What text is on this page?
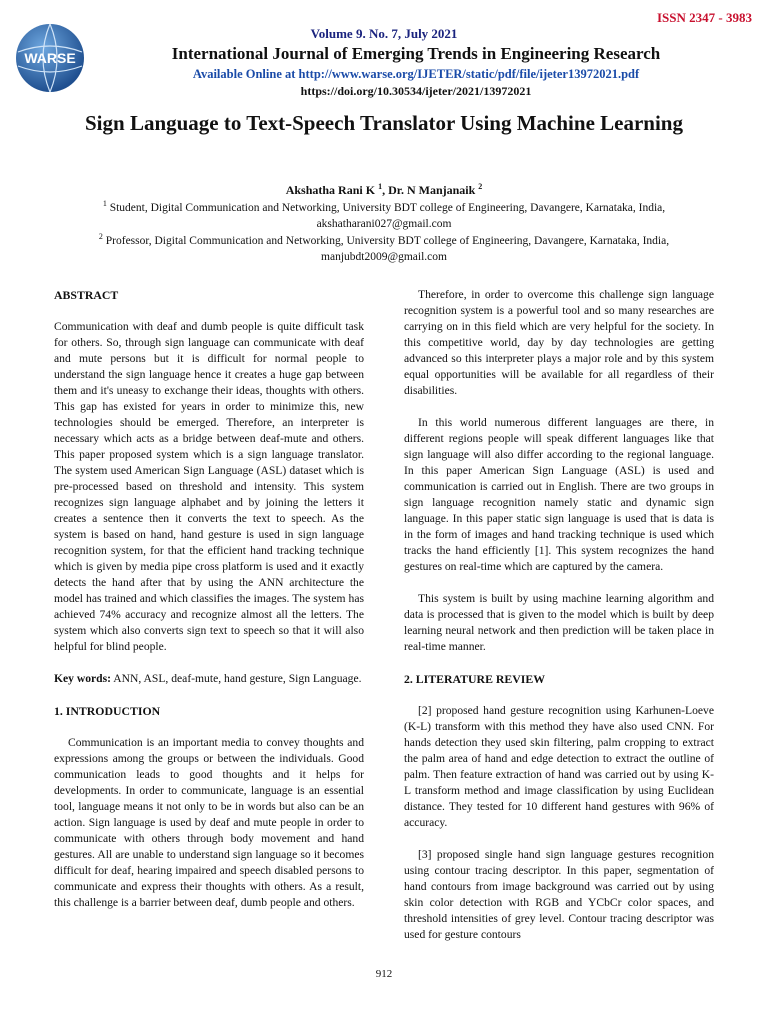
WARSE
ISSN 2347 - 3983
Volume 9. No. 7, July 2021
International Journal of Emerging Trends in Engineering Research
Available Online at http://www.warse.org/IJETER/static/pdf/file/ijeter13972021.pdf
https://doi.org/10.30534/ijeter/2021/13972021
Sign Language to Text-Speech Translator Using Machine Learning
Akshatha Rani K $^1$, Dr. N Manjanaik $^2$
$^1$ Student, Digital Communication and Networking, University BDT college of Engineering, Davangere, Karnataka, India, akshatharani027@gmail.com
$^2$ Professor, Digital Communication and Networking, University BDT college of Engineering, Davangere, Karnataka, India, manjubdt2009@gmail.com
ABSTRACT

Communication with deaf and dumb people is quite difficult task for others. So, through sign language can communicate with deaf and mute persons but it is difficult for normal people to understand the sign language hence it creates a huge gap between them and it's uneasy to exchange their ideas, thoughts with others. This gap has existed for years in order to minimize this, new technologies should be emerged. Therefore, an interpreter is necessary which acts as a bridge between deaf-mute and others. This paper proposed system which is a sign language translator. The system used American Sign Language (ASL) dataset which is pre-processed based on threshold and intensity. This system recognizes sign language alphabet and by joining the letters it creates a sentence then it converts the text to speech. As the system is based on hand, hand gesture is used in sign language recognition system, for that the efficient hand tracking technique which is given by media pipe cross platform is used and it exactly detects the hand after that by using the ANN architecture the model has trained and which classifies the images. The system has achieved 74% accuracy and recognize almost all the letters. The system which also converts sign text to speech so that it will also helpful for blind people.

Key words: ANN, ASL, deaf-mute, hand gesture, Sign Language.

1. INTRODUCTION

Communication is an important media to convey thoughts and expressions among the groups or between the individuals. Good communication leads to good thoughts and it helps for developments. In order to communicate, language is an essential tool, language means it not only to be in words but also can be an action. Sign language is used by deaf and mute people in order to communicate with others through body movement and hand gestures. All are unable to understand sign language so it becomes difficult for deaf, hearing impaired and speech disabled persons to communicate and express their thoughts with others. As a result, this challenge is a barrier between deaf, dumb people and others.

Therefore, in order to overcome this challenge sign language recognition system is a powerful tool and so many researches are carrying on in this field which are very helpful for the society. In this competitive world, day by day technologies are getting advanced so this interpreter plays a major role and by this system equal opportunities will be available for all regardless of their disabilities.

In this world numerous different languages are there, in different regions people will speak different languages like that sign language will also differ according to the regional language. In this paper American Sign Language (ASL) is used and communication is carried out in English. There are two groups in sign language recognition namely static and dynamic sign language. In this paper static sign language is used that is data is in the form of images and hand tracking technique is used which tracks the hand efficiently [1]. This system recognizes the hand gestures on real-time which are captured by the camera.

This system is built by using machine learning algorithm and data is processed that is given to the model which is built by deep learning neural network and then prediction will be taken place in real-time manner.

2. LITERATURE REVIEW

[2] proposed hand gesture recognition using Karhunen-Loeve (K-L) transform with this method they have also used CNN. For hands detection they used skin filtering, palm cropping to extract the palm area of hand and edge detection to extract the outline of palm. Then feature extraction of hand was carried out by using K-L transform method and image classification by using Euclidean distance. They tested for 10 different hand gestures with 96% of accuracy.

[3] proposed single hand sign language gestures recognition using contour tracing descriptor. In this paper, segmentation of hand contours from image background was carried out by using skin color detection with RGB and YCbCr color spaces, and threshold intensities of grey level. Contour tracing descriptor was used for gesture contours

912
